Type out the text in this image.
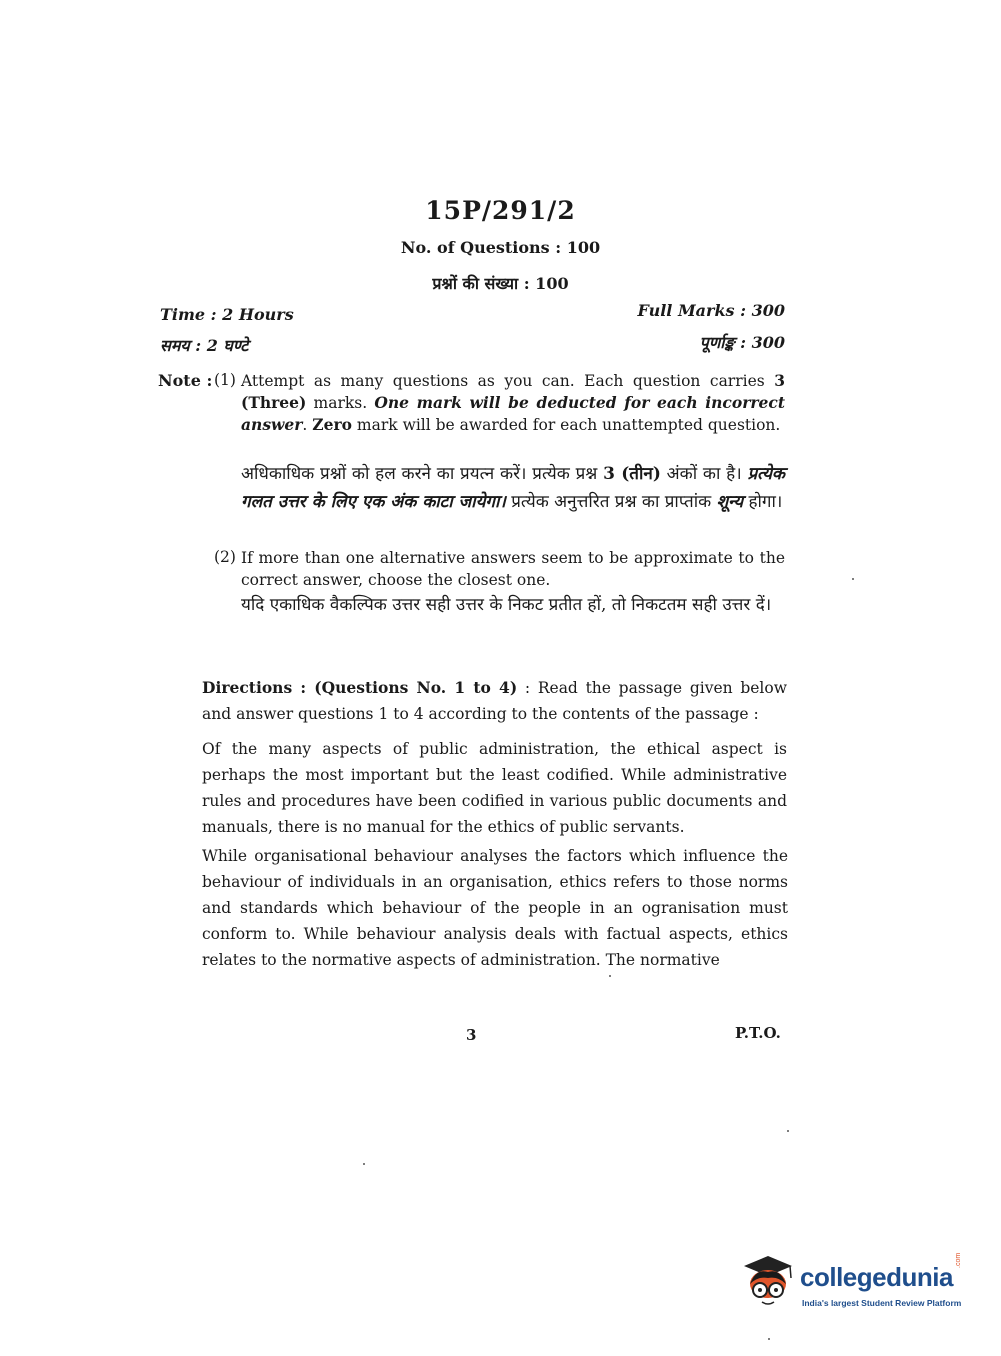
15P/291/2
No. of Questions : 100
प्रश्नों की संख्या : 100
Time : 2 Hours
समय : 2 घण्टे
Full Marks : 300
पूर्णाङ्क : 300
Note : (1) Attempt as many questions as you can. Each question carries 3 (Three) marks. One mark will be deducted for each incorrect answer. Zero mark will be awarded for each unattempted question.
अधिकाधिक प्रश्नों को हल करने का प्रयत्न करें। प्रत्येक प्रश्न 3 (तीन) अंकों का है। प्रत्येक गलत उत्तर के लिए एक अंक काटा जायेगा। प्रत्येक अनुत्तरित प्रश्न का प्राप्तांक शून्य होगा।
(2) If more than one alternative answers seem to be approximate to the correct answer, choose the closest one.
यदि एकाधिक वैकल्पिक उत्तर सही उत्तर के निकट प्रतीत हों, तो निकटतम सही उत्तर दें।
Directions : (Questions No. 1 to 4) : Read the passage given below and answer questions 1 to 4 according to the contents of the passage :
Of the many aspects of public administration, the ethical aspect is perhaps the most important but the least codified. While administrative rules and procedures have been codified in various public documents and manuals, there is no manual for the ethics of public servants.
While organisational behaviour analyses the factors which influence the behaviour of individuals in an organisation, ethics refers to those norms and standards which behaviour of the people in an ogranisation must conform to. While behaviour analysis deals with factual aspects, ethics relates to the normative aspects of administration. The normative
3	P.T.O.
collegedunia
.com
India's largest Student Review Platform
